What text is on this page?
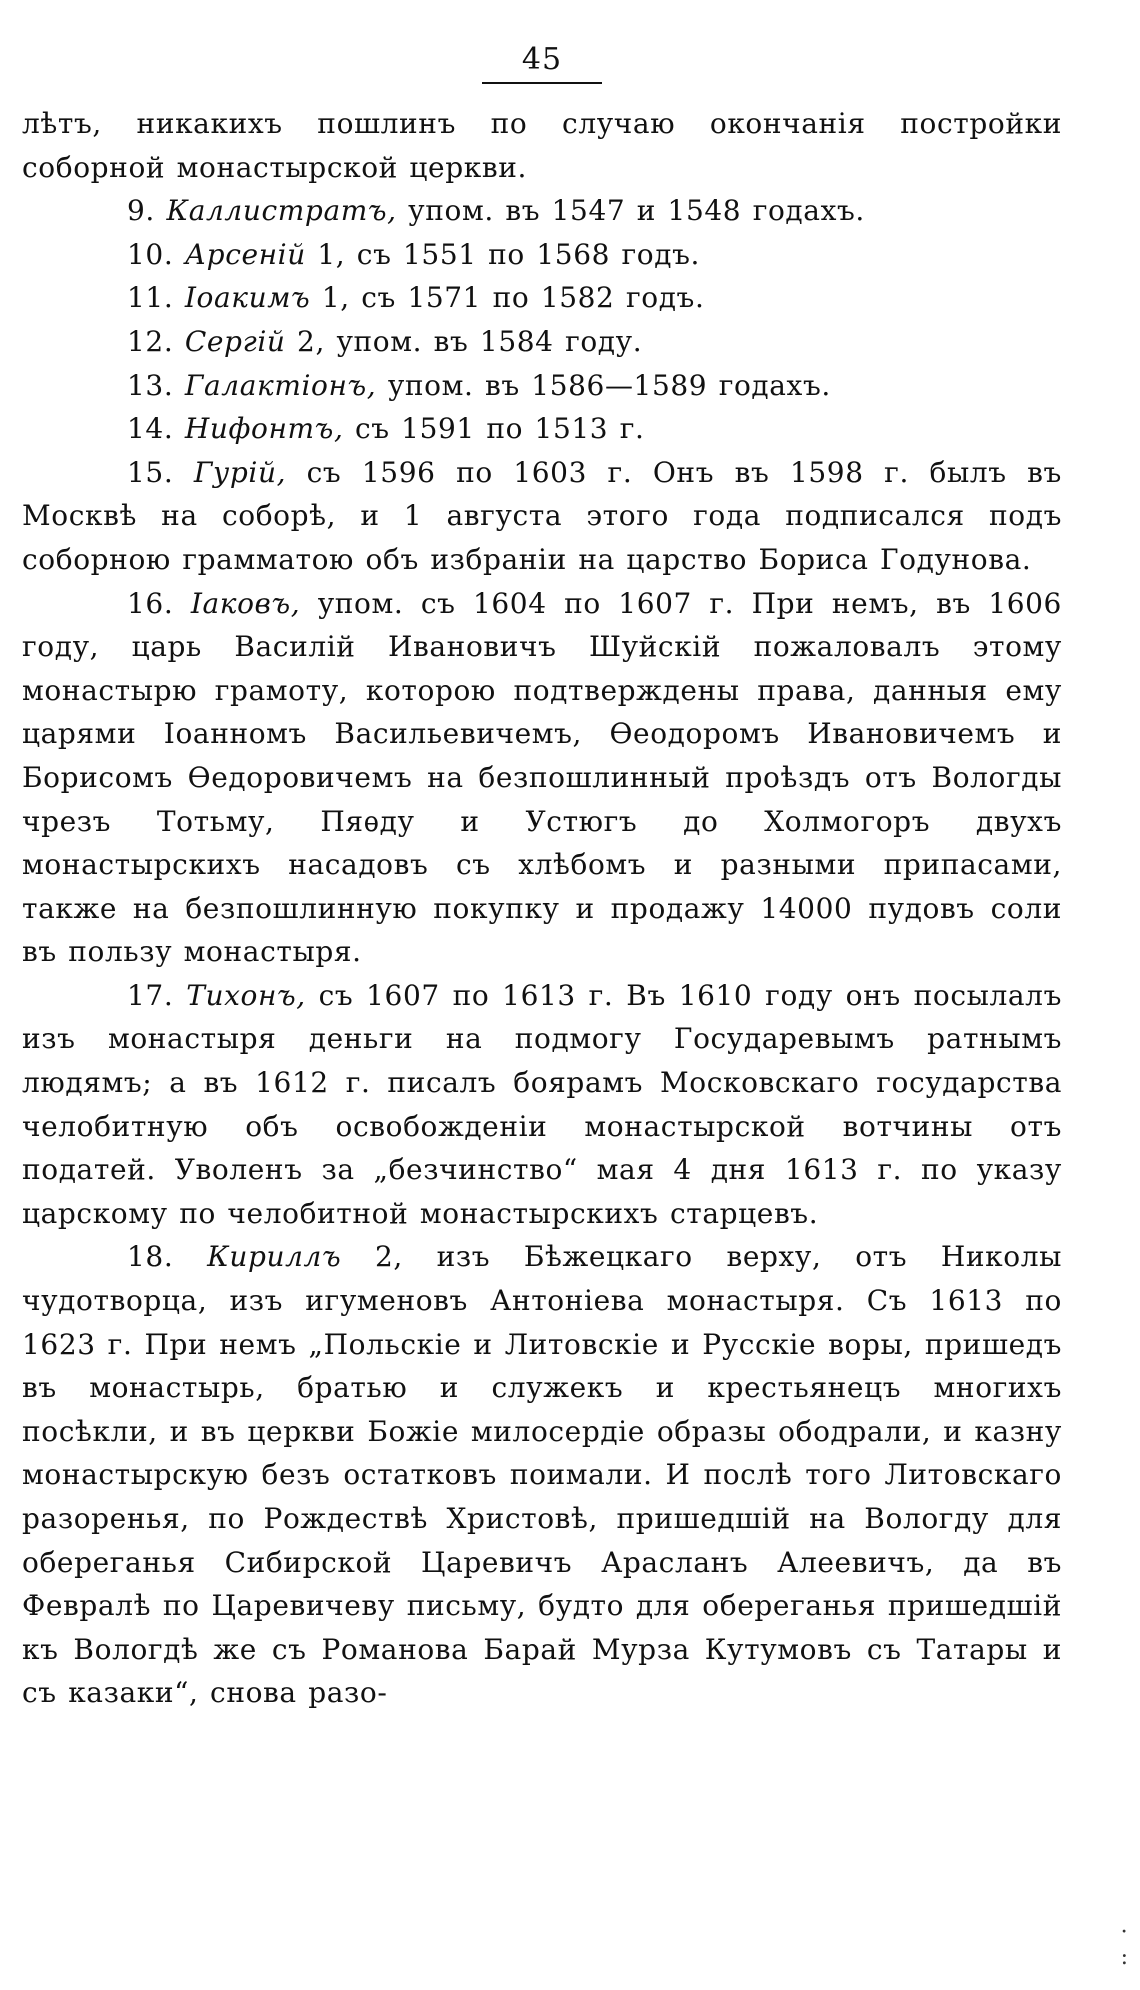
45

лѣтъ, никакихъ пошлинъ по случаю окончанія постройки соборной монастырской церкви.

9. Каллистратъ, упом. въ 1547 и 1548 годахъ.

10. Арсеній 1, съ 1551 по 1568 годъ.

11. Іоакимъ 1, съ 1571 по 1582 годъ.

12. Сергій 2, упом. въ 1584 году.

13. Галактіонъ, упом. въ 1586—1589 годахъ.

14. Нифонтъ, съ 1591 по 1513 г.

15. Гурій, съ 1596 по 1603 г. Онъ въ 1598 г. былъ въ Москвѣ на соборѣ, и 1 августа этого года подписался подъ соборною грамматою объ избраніи на царство Бориса Годунова.

16. Іаковъ, упом. съ 1604 по 1607 г. При немъ, въ 1606 году, царь Василій Ивановичъ Шуйскій пожаловалъ этому монастырю грамоту, которою подтверждены права, данныя ему царями Іоанномъ Васильевичемъ, Ѳеодоромъ Ивановичемъ и Борисомъ Ѳедоровичемъ на безпошлинный проѣздъ отъ Вологды чрезъ Тотьму, Пяѳду и Устюгъ до Холмогоръ двухъ монастырскихъ насадовъ съ хлѣбомъ и разными припасами, также на безпошлинную покупку и продажу 14000 пудовъ соли въ пользу монастыря.

17. Тихонъ, съ 1607 по 1613 г. Въ 1610 году онъ посылалъ изъ монастыря деньги на подмогу Государевымъ ратнымъ людямъ; а въ 1612 г. писалъ боярамъ Московскаго государства челобитную объ освобожденіи монастырской вотчины отъ податей. Уволенъ за „безчинство“ мая 4 дня 1613 г. по указу царскому по челобитной монастырскихъ старцевъ.

18. Кириллъ 2, изъ Бѣжецкаго верху, отъ Николы чудотворца, изъ игуменовъ Антоніева монастыря. Съ 1613 по 1623 г. При немъ „Польскіе и Литовскіе и Русскіе воры, пришедъ въ монастырь, братью и служекъ и крестьянецъ многихъ посѣкли, и въ церкви Божіе милосердіе образы ободрали, и казну монастырскую безъ остатковъ поимали. И послѣ того Литовскаго разоренья, по Рождествѣ Христовѣ, пришедшій на Вологду для обереганья Сибирской Царевичъ Арасланъ Алеевичъ, да въ Февралѣ по Царевичеву письму, будто для обереганья пришедшій къ Вологдѣ же съ Романова Барай Мурза Кутумовъ съ Татары и съ казаки“, снова разо-

·
:
